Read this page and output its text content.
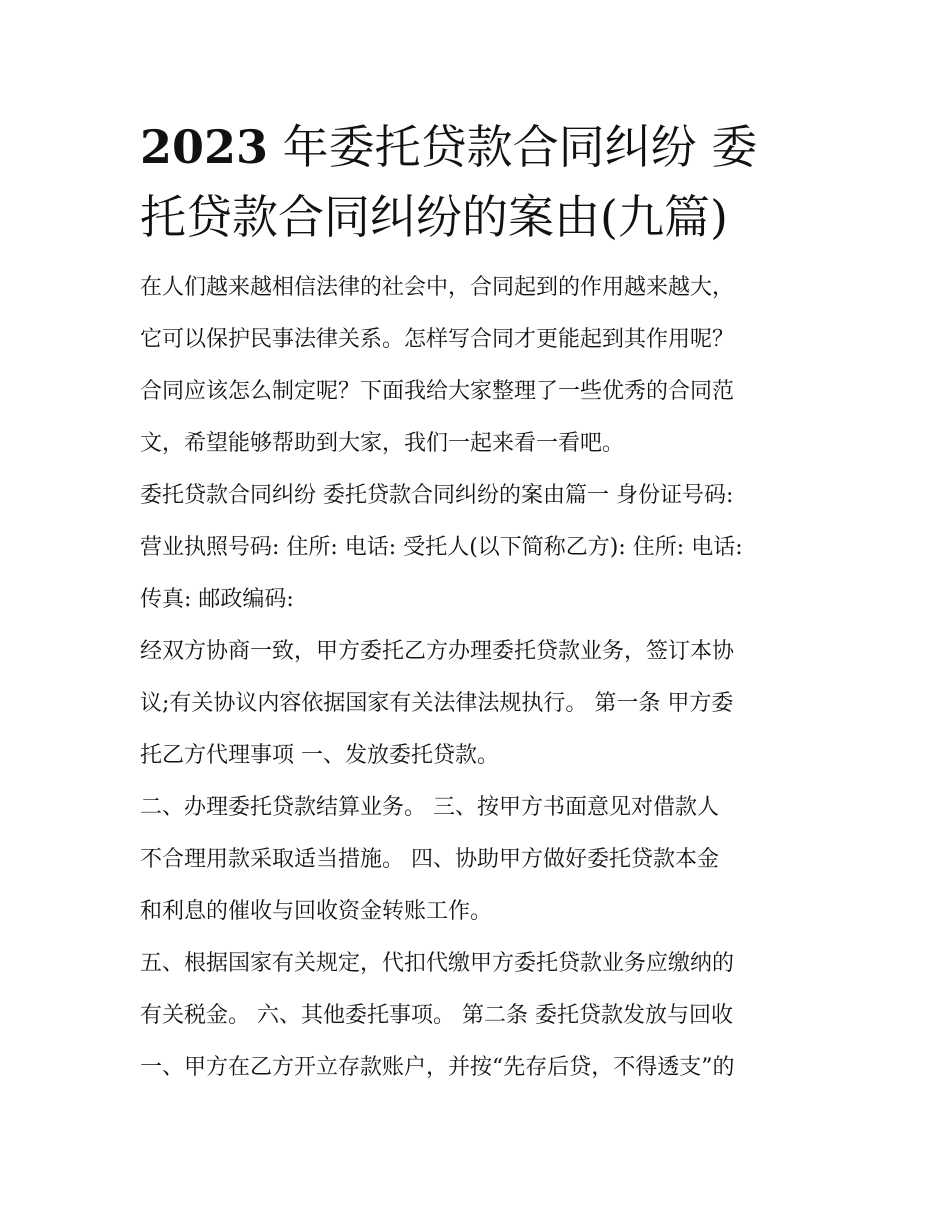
2023 年委托贷款合同纠纷 委
托贷款合同纠纷的案由(九篇)
在人们越来越相信法律的社会中，合同起到的作用越来越大，
它可以保护民事法律关系。怎样写合同才更能起到其作用呢？
合同应该怎么制定呢？下面我给大家整理了一些优秀的合同范
文，希望能够帮助到大家，我们一起来看一看吧。
委托贷款合同纠纷 委托贷款合同纠纷的案由篇一 身份证号码:
营业执照号码: 住所: 电话: 受托人(以下简称乙方): 住所: 电话:
传真: 邮政编码:
经双方协商一致，甲方委托乙方办理委托贷款业务，签订本协
议;有关协议内容依据国家有关法律法规执行。 第一条 甲方委
托乙方代理事项 一、发放委托贷款。
二、办理委托贷款结算业务。 三、按甲方书面意见对借款人
不合理用款采取适当措施。 四、协助甲方做好委托贷款本金
和利息的催收与回收资金转账工作。
五、根据国家有关规定，代扣代缴甲方委托贷款业务应缴纳的
有关税金。 六、其他委托事项。 第二条 委托贷款发放与回收
一、甲方在乙方开立存款账户，并按“先存后贷，不得透支”的
